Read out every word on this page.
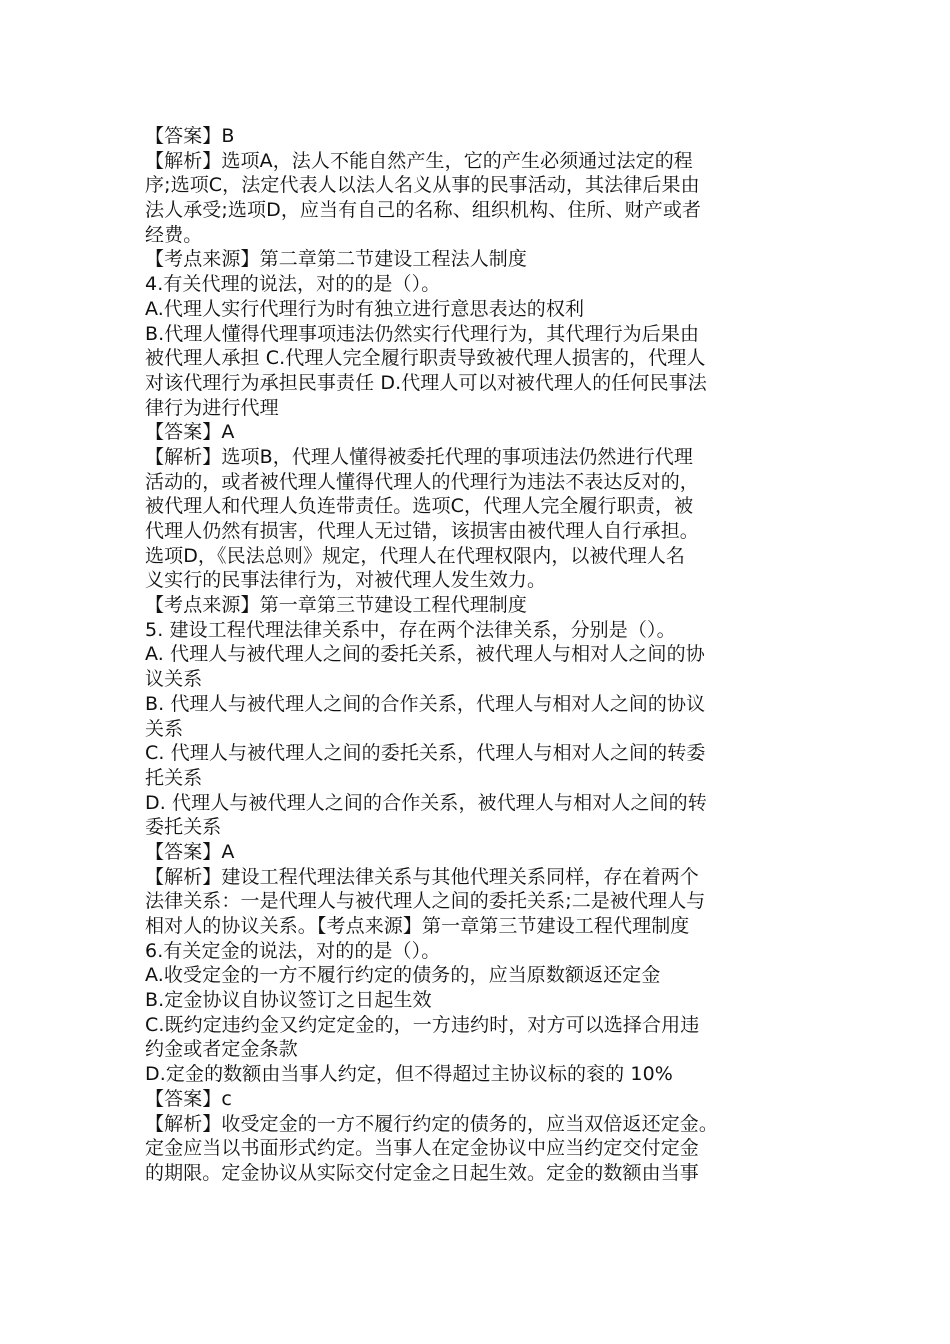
【答案】B
【解析】选项A，法人不能自然产生，它的产生必须通过法定的程
序;选项C，法定代表人以法人名义从事的民事活动，其法律后果由
法人承受;选项D，应当有自己的名称、组织机构、住所、财产或者
经费。
【考点来源】第二章第二节建设工程法人制度
4.有关代理的说法，对的的是（）。
A.代理人实行代理行为时有独立进行意思表达的权利
B.代理人懂得代理事项违法仍然实行代理行为，其代理行为后果由
被代理人承担 C.代理人完全履行职责导致被代理人损害的，代理人
对该代理行为承担民事责任 D.代理人可以对被代理人的任何民事法
律行为进行代理
【答案】A
【解析】选项B，代理人懂得被委托代理的事项违法仍然进行代理
活动的，或者被代理人懂得代理人的代理行为违法不表达反对的，
被代理人和代理人负连带责任。选项C，代理人完全履行职责，被
代理人仍然有损害，代理人无过错，该损害由被代理人自行承担。
选项D，《民法总则》规定，代理人在代理权限内，以被代理人名
义实行的民事法律行为，对被代理人发生效力。
【考点来源】第一章第三节建设工程代理制度
5. 建设工程代理法律关系中，存在两个法律关系，分别是（）。
A. 代理人与被代理人之间的委托关系，被代理人与相对人之间的协
议关系
B. 代理人与被代理人之间的合作关系，代理人与相对人之间的协议
关系
C. 代理人与被代理人之间的委托关系，代理人与相对人之间的转委
托关系
D. 代理人与被代理人之间的合作关系，被代理人与相对人之间的转
委托关系
【答案】A
【解析】建设工程代理法律关系与其他代理关系同样，存在着两个
法律关系：一是代理人与被代理人之间的委托关系;二是被代理人与
相对人的协议关系。【考点来源】第一章第三节建设工程代理制度
6.有关定金的说法，对的的是（）。
A.收受定金的一方不履行约定的债务的，应当原数额返还定金
B.定金协议自协议签订之日起生效
C.既约定违约金又约定定金的，一方违约时，对方可以选择合用违
约金或者定金条款
D.定金的数额由当事人约定，但不得超过主协议标的衮的 10%
【答案】c
【解析】收受定金的一方不履行约定的债务的，应当双倍返还定金。
定金应当以书面形式约定。当事人在定金协议中应当约定交付定金
的期限。定金协议从实际交付定金之日起生效。定金的数额由当事
